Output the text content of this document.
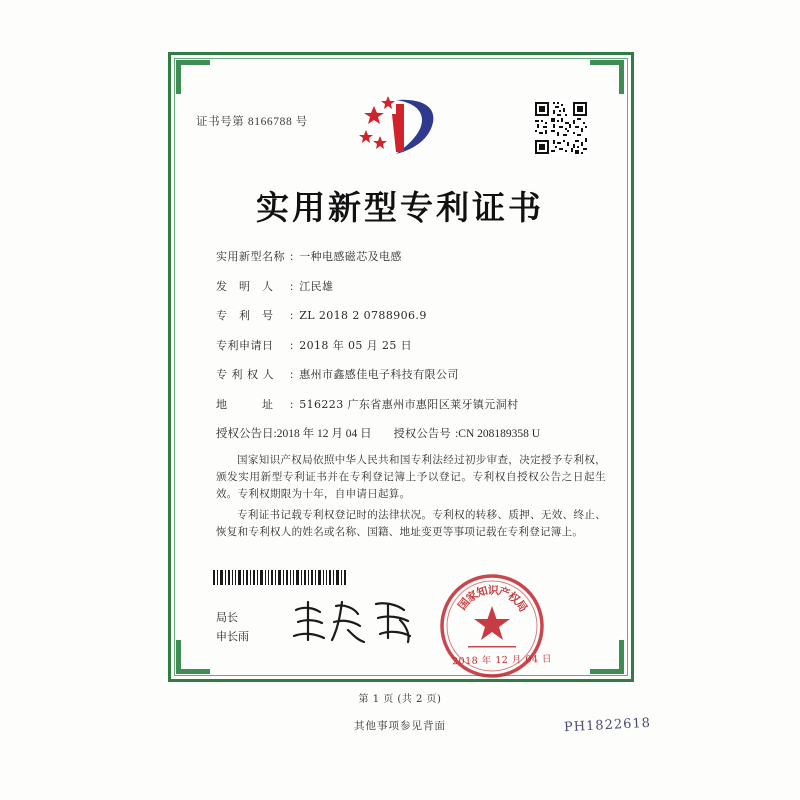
证书号第 8166788 号
实用新型专利证书
实用新型名称 : 一种电感磁芯及电感
发　明　人	: 江民雄
专　利　号	: ZL 2018 2 0788906.9
专利申请日	: 2018 年 05 月 25 日
专 利 权 人	: 惠州市鑫感佳电子科技有限公司
地　　　址	: 516223 广东省惠州市惠阳区莱牙镇元洞村
授权公告日 : 2018 年 12 月 04 日 授权公告号 : CN 208189358 U

国家知识产权局依照中华人民共和国专利法经过初步审查，决定授予专利权，颁发实用新型专利证书并在专利登记簿上予以登记。专利权自授权公告之日起生效。专利权期限为十年，自申请日起算。

专利证书记载专利权登记时的法律状况。专利权的转移、质押、无效、终止、恢复和专利权人的姓名或名称、国籍、地址变更等事项记载在专利登记簿上。

局长
申长雨
国
家
知
识
产
权
局
2018 年 12 月 04 日
第 1 页 (共 2 页)
其他事项参见背面	PH1822618
